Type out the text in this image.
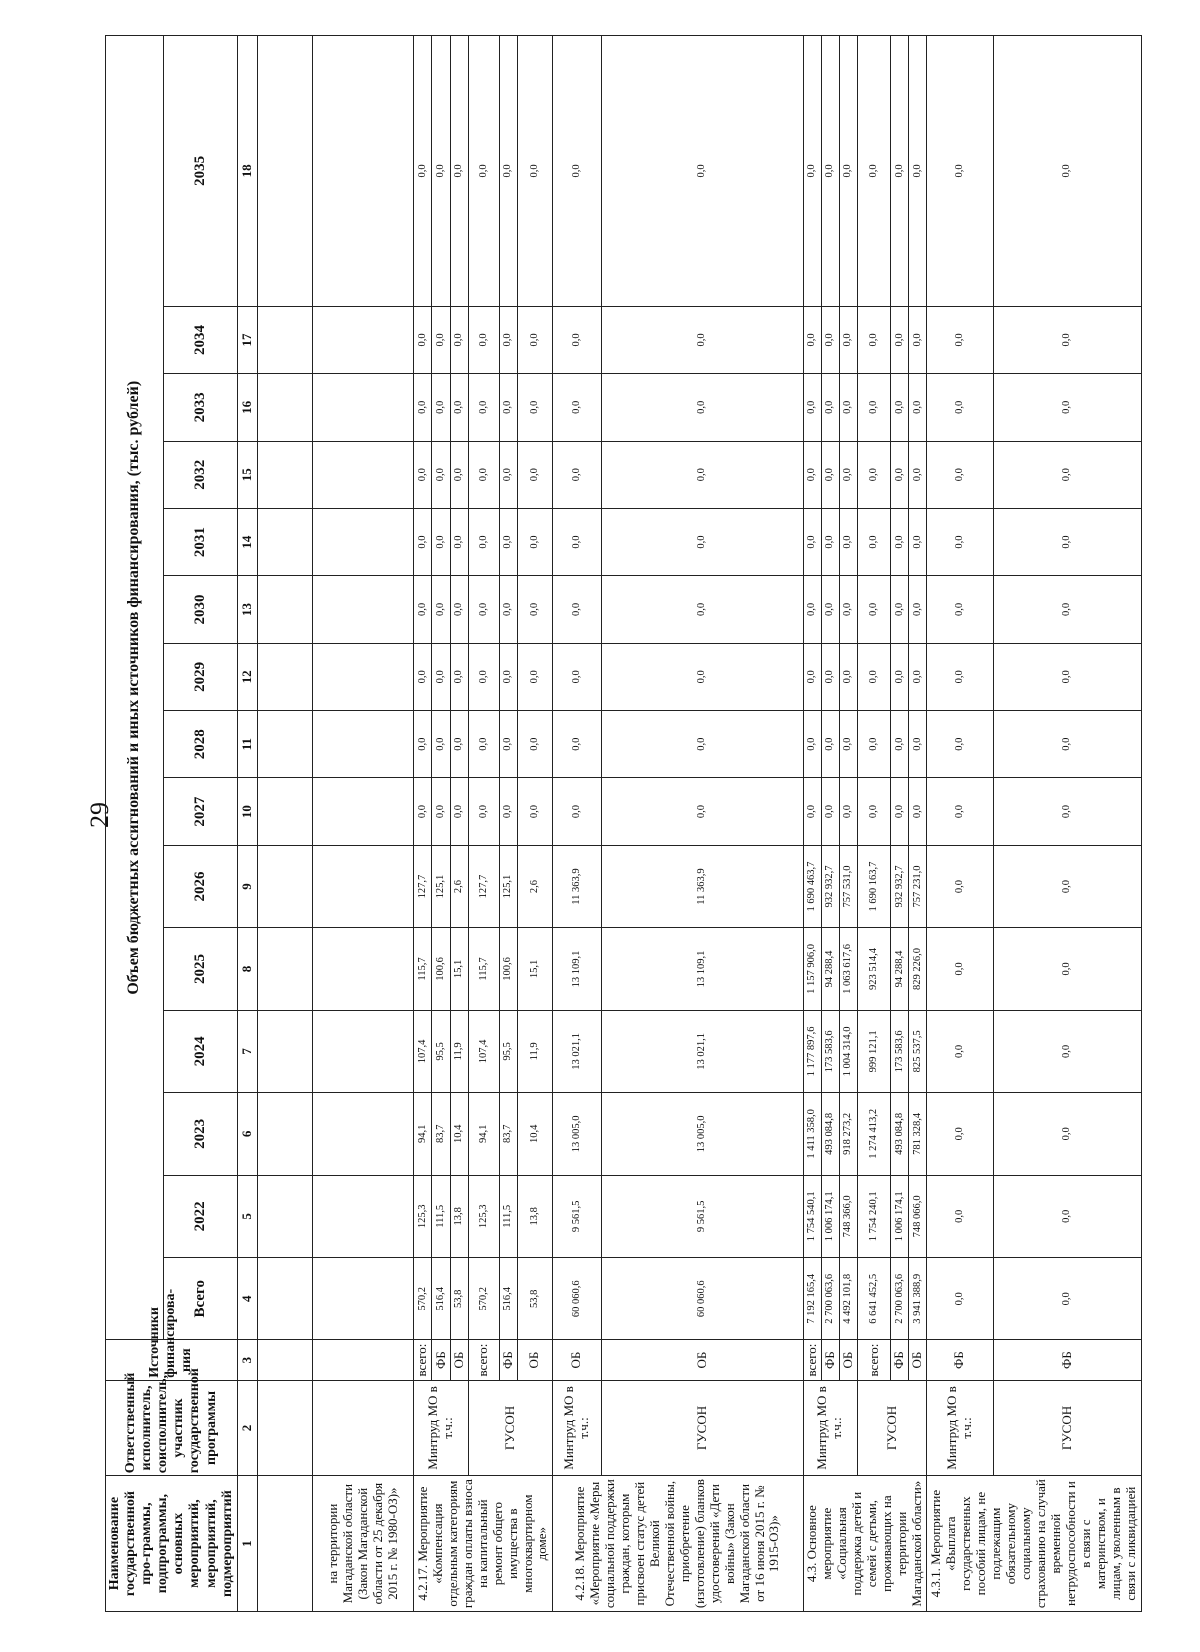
29
Наименование государственной про-граммы, подпрограммы, основных мероприятий, мероприятий, подмероприятий	Ответственный исполнитель, соисполнитель, участник государственной программы	Источники финансирова-ния	Объем бюджетных ассигнований и иных источников финансирования, (тыс. рублей)														
			Всего	2022	2023	2024	2025	2026	2027	2028	2029	2030	2031	2032	2033	2034	2035
1	2	3	4	5	6	7	8	9	10	11	12	13	14	15	16	17	18

на территории Магаданской области (Закон Магаданской области от 25 декабря 2015 г. № 1980-ОЗ)»																	
4.2.17. Мероприятие «Компенсация отдельным категориям граждан оплаты взноса на капитальный ремонт общего имущества в многоквартирном доме»	Минтруд МО в т.ч.:	всего:	570,2	125,3	94,1	107,4	115,7	127,7	0,0	0,0	0,0	0,0	0,0	0,0	0,0	0,0	0,0
		ФБ	516,4	111,5	83,7	95,5	100,6	125,1	0,0	0,0	0,0	0,0	0,0	0,0	0,0	0,0	0,0
		ОБ	53,8	13,8	10,4	11,9	15,1	2,6	0,0	0,0	0,0	0,0	0,0	0,0	0,0	0,0	0,0
	ГУСОН	всего:	570,2	125,3	94,1	107,4	115,7	127,7	0,0	0,0	0,0	0,0	0,0	0,0	0,0	0,0	0,0
		ФБ	516,4	111,5	83,7	95,5	100,6	125,1	0,0	0,0	0,0	0,0	0,0	0,0	0,0	0,0	0,0
		ОБ	53,8	13,8	10,4	11,9	15,1	2,6	0,0	0,0	0,0	0,0	0,0	0,0	0,0	0,0	0,0
4.2.18. Мероприятие «Мероприятие «Меры социальной поддержки граждан, которым присвоен статус детей Великой Отечественной войны, приобретение (изготовление) бланков удостоверений «Дети войны» (Закон Магаданской области от 16 июня 2015 г. № 1915-ОЗ)»	Минтруд МО в т.ч.:	ОБ	60 060,6	9 561,5	13 005,0	13 021,1	13 109,1	11 363,9	0,0	0,0	0,0	0,0	0,0	0,0	0,0	0,0	0,0
	ГУСОН	ОБ	60 060,6	9 561,5	13 005,0	13 021,1	13 109,1	11 363,9	0,0	0,0	0,0	0,0	0,0	0,0	0,0	0,0	0,0
4.3. Основное мероприятие «Социальная поддержка детей и семей с детьми, проживающих на территории Магаданской области»	Минтруд МО в т.ч.:	всего:	7 192 165,4	1 754 540,1	1 411 358,0	1 177 897,6	1 157 906,0	1 690 463,7	0,0	0,0	0,0	0,0	0,0	0,0	0,0	0,0	0,0
		ФБ	2 700 063,6	1 006 174,1	493 084,8	173 583,6	94 288,4	932 932,7	0,0	0,0	0,0	0,0	0,0	0,0	0,0	0,0	0,0
		ОБ	4 492 101,8	748 366,0	918 273,2	1 004 314,0	1 063 617,6	757 531,0	0,0	0,0	0,0	0,0	0,0	0,0	0,0	0,0	0,0
	ГУСОН	всего:	6 641 452,5	1 754 240,1	1 274 413,2	999 121,1	923 514,4	1 690 163,7	0,0	0,0	0,0	0,0	0,0	0,0	0,0	0,0	0,0
		ФБ	2 700 063,6	1 006 174,1	493 084,8	173 583,6	94 288,4	932 932,7	0,0	0,0	0,0	0,0	0,0	0,0	0,0	0,0	0,0
		ОБ	3 941 388,9	748 066,0	781 328,4	825 537,5	829 226,0	757 231,0	0,0	0,0	0,0	0,0	0,0	0,0	0,0	0,0	0,0
4.3.1. Мероприятие «Выплата государственных пособий лицам, не подлежащим обязательному социальному страхованию на случай временной нетрудоспособности и в связи с материнством, и лицам, уволенным в связи с ликвидацией	Минтруд МО в т.ч.:	ФБ	0,0	0,0	0,0	0,0	0,0	0,0	0,0	0,0	0,0	0,0	0,0	0,0	0,0	0,0	0,0
	ГУСОН	ФБ	0,0	0,0	0,0	0,0	0,0	0,0	0,0	0,0	0,0	0,0	0,0	0,0	0,0	0,0	0,0
